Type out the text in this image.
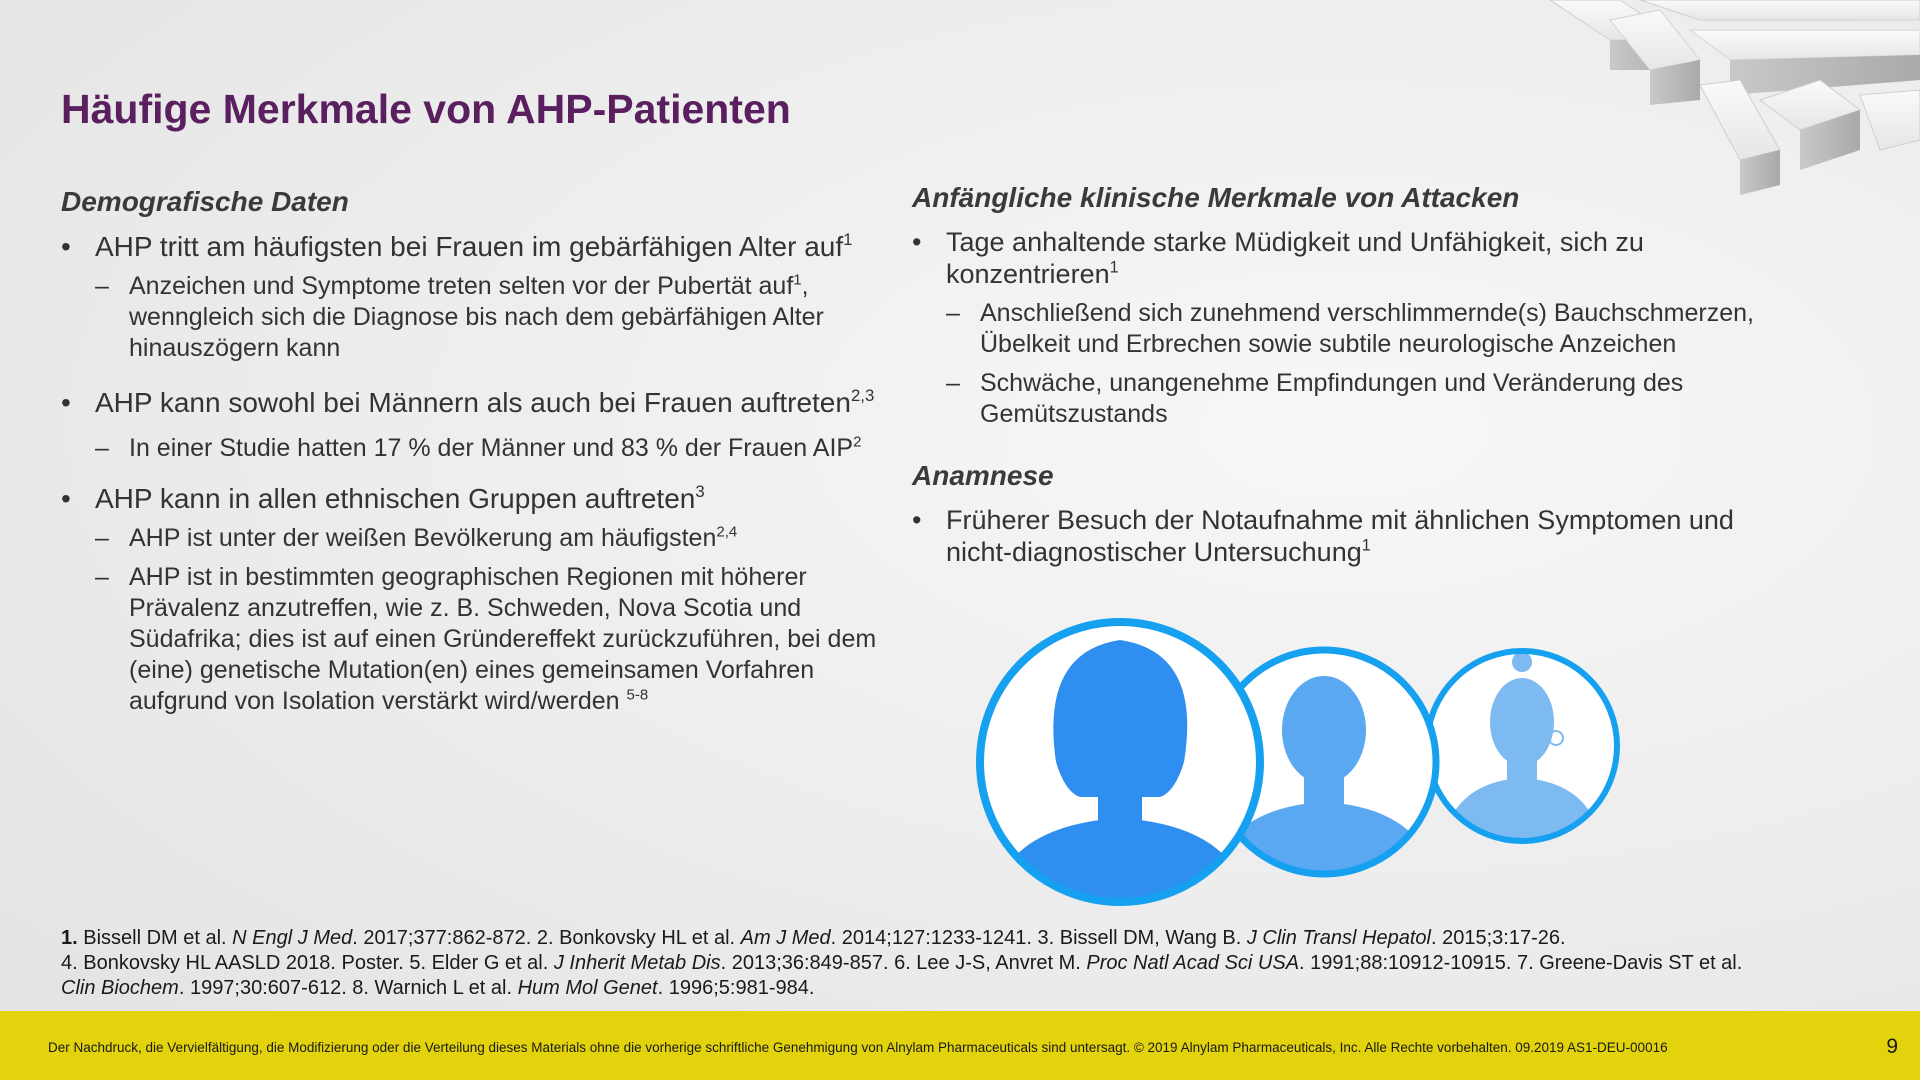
Häufige Merkmale von AHP-Patienten
Demografische Daten
• AHP tritt am häufigsten bei Frauen im gebärfähigen Alter auf$^1$
– Anzeichen und Symptome treten selten vor der Pubertät auf$^1$, wenngleich sich die Diagnose bis nach dem gebärfähigen Alter hinauszögern kann
• AHP kann sowohl bei Männern als auch bei Frauen auftreten$^{2,3}$
– In einer Studie hatten 17 % der Männer und 83 % der Frauen AIP$^2$
• AHP kann in allen ethnischen Gruppen auftreten$^3$
– AHP ist unter der weißen Bevölkerung am häufigsten$^{2,4}$
– AHP ist in bestimmten geographischen Regionen mit höherer Prävalenz anzutreffen, wie z. B. Schweden, Nova Scotia und Südafrika; dies ist auf einen Gründereffekt zurückzuführen, bei dem (eine) genetische Mutation(en) eines gemeinsamen Vorfahren aufgrund von Isolation verstärkt wird/werden $^{5-8}$
Anfängliche klinische Merkmale von Attacken
• Tage anhaltende starke Müdigkeit und Unfähigkeit, sich zu konzentrieren$^1$
– Anschließend sich zunehmend verschlimmernde(s) Bauchschmerzen,
Übelkeit und Erbrechen sowie subtile neurologische Anzeichen
– Schwäche, unangenehme Empfindungen und Veränderung des Gemütszustands
Anamnese
• Früherer Besuch der Notaufnahme mit ähnlichen Symptomen und nicht-diagnostischer Untersuchung$^1$
1. Bissell DM et al. N Engl J Med. 2017;377:862-872. 2. Bonkovsky HL et al. Am J Med. 2014;127:1233-1241. 3. Bissell DM, Wang B. J Clin Transl Hepatol. 2015;3:17-26.
4. Bonkovsky HL AASLD 2018. Poster. 5. Elder G et al. J Inherit Metab Dis. 2013;36:849-857. 6. Lee J-S, Anvret M. Proc Natl Acad Sci USA. 1991;88:10912-10915. 7. Greene-Davis ST et al. Clin Biochem. 1997;30:607-612. 8. Warnich L et al. Hum Mol Genet. 1996;5:981-984.
Der Nachdruck, die Vervielfältigung, die Modifizierung oder die Verteilung dieses Materials ohne die vorherige schriftliche Genehmigung von Alnylam Pharmaceuticals sind untersagt. © 2019 Alnylam Pharmaceuticals, Inc. Alle Rechte vorbehalten. 09.2019 AS1-DEU-00016	9
